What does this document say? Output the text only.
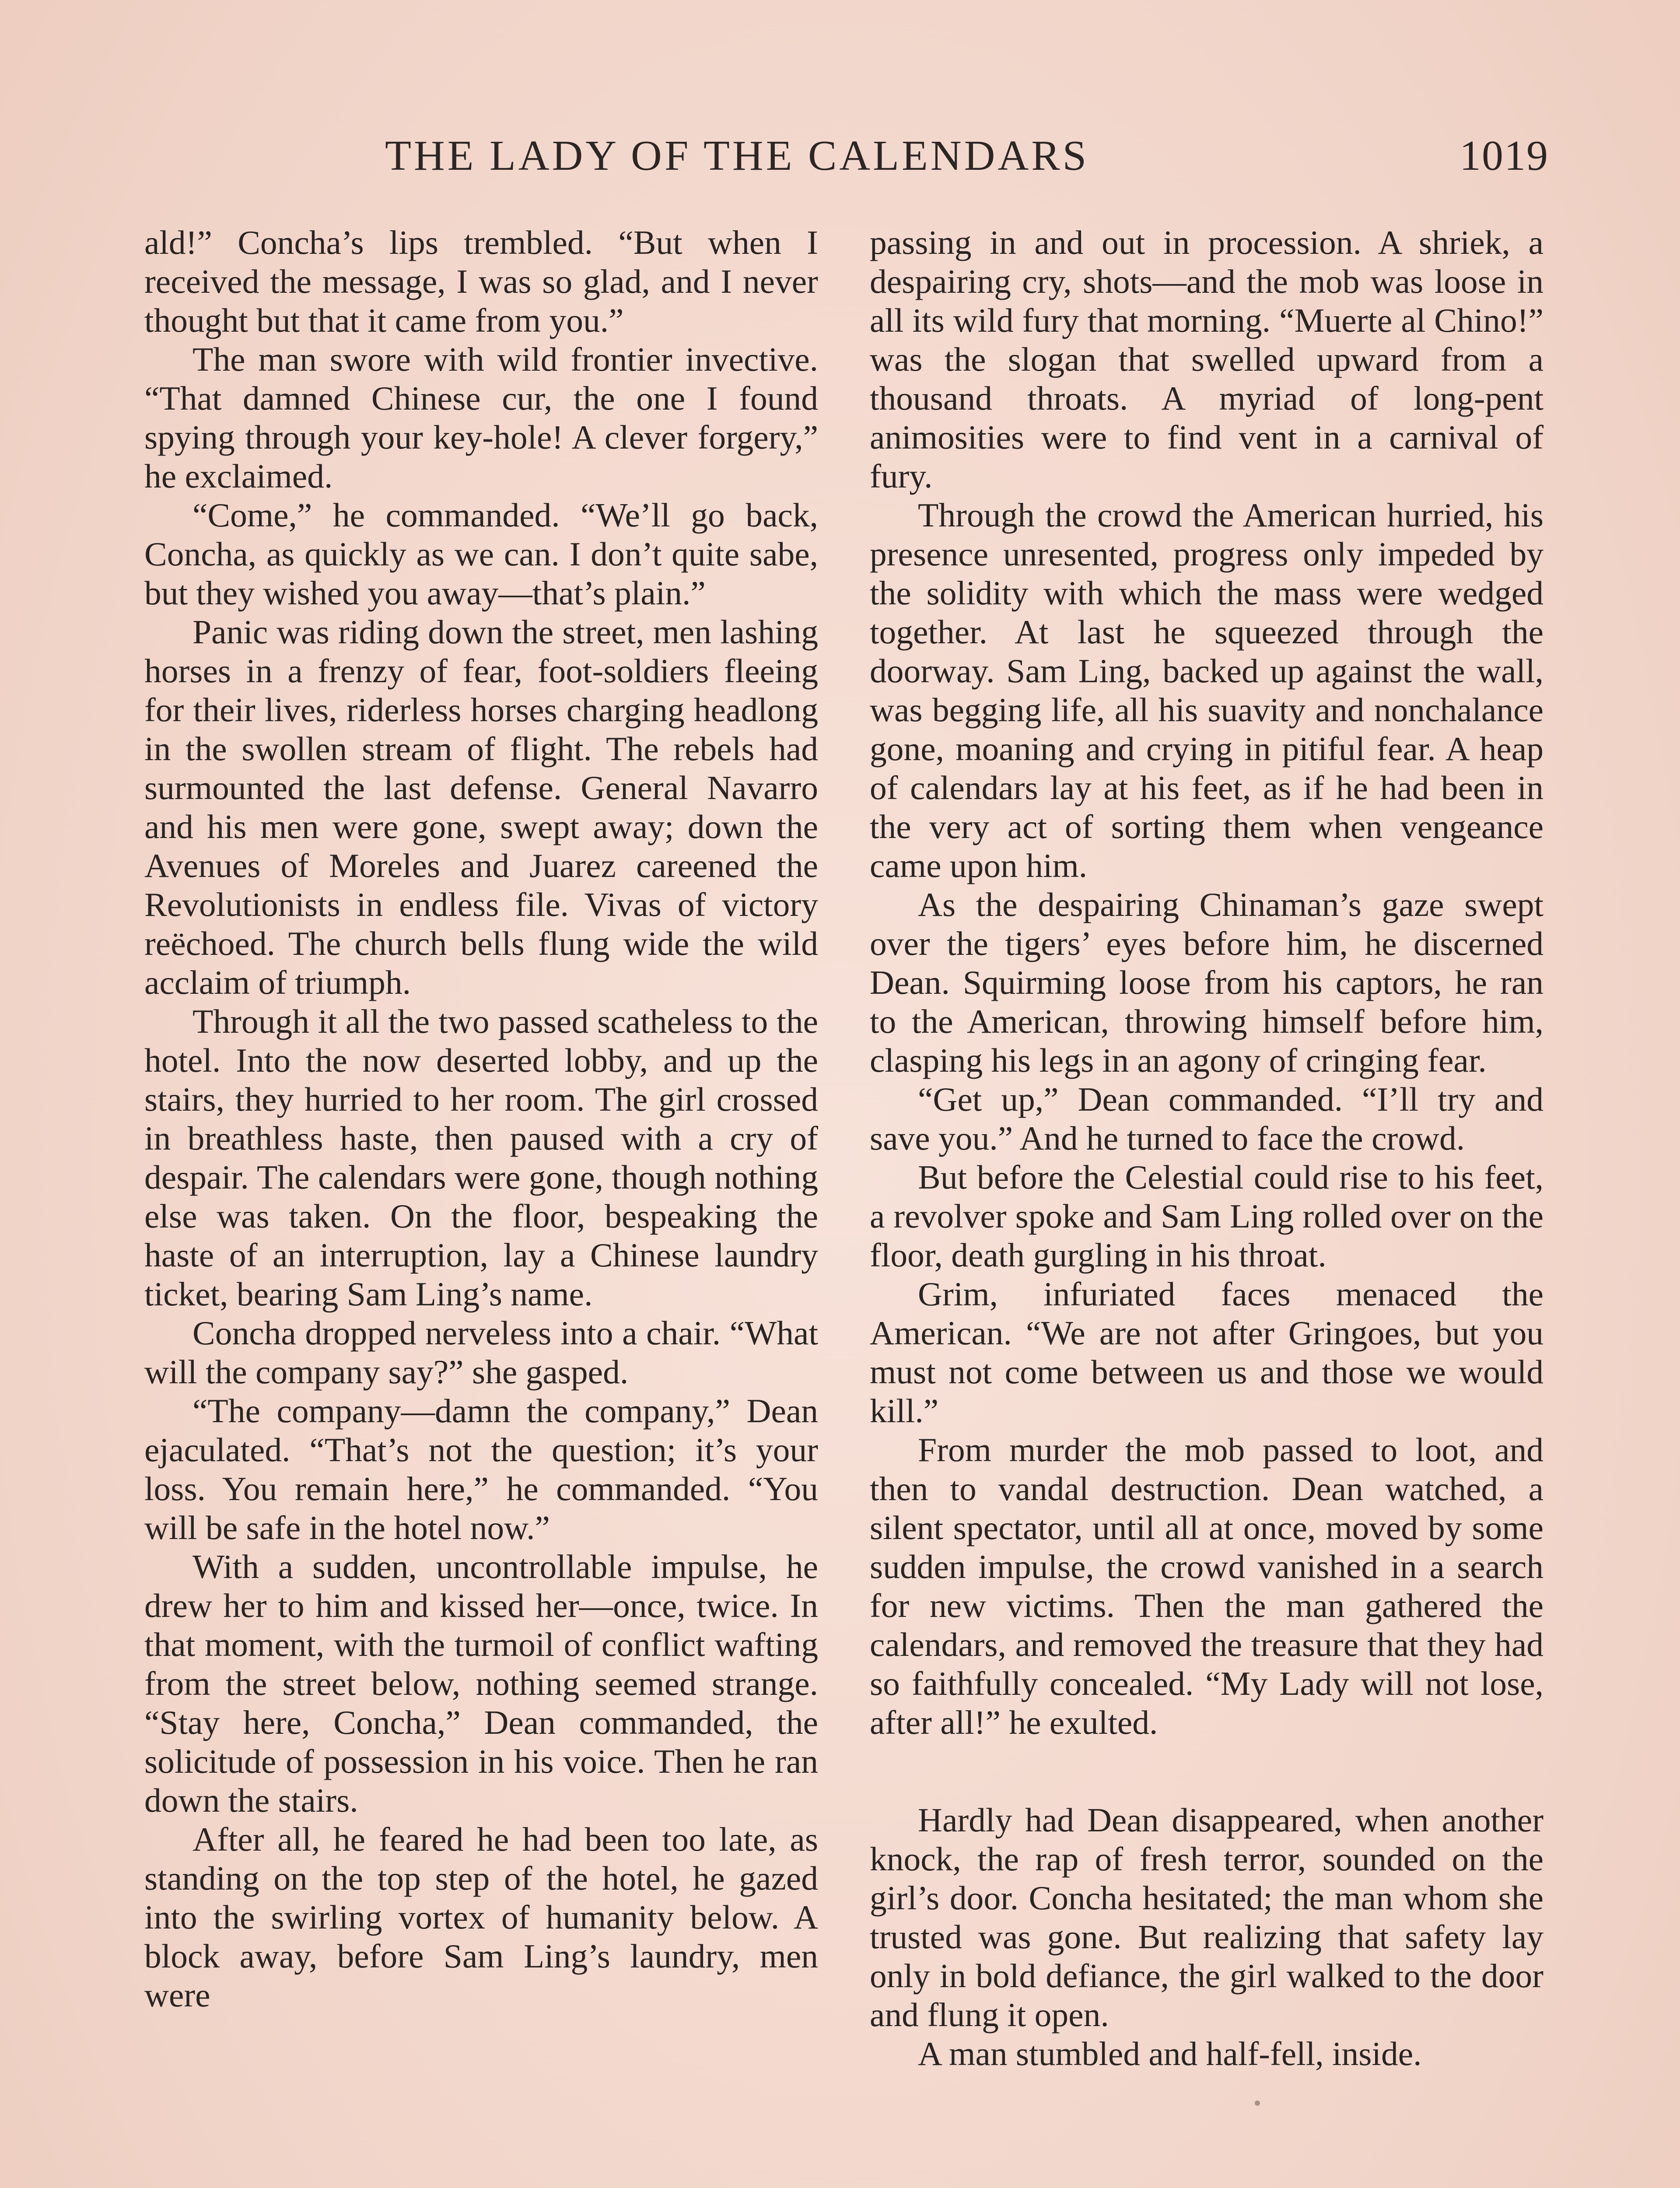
THE LADY OF THE CALENDARS	1019

ald!” Concha’s lips trembled. “But when I received the message, I was so glad, and I never thought but that it came from you.”

The man swore with wild frontier invective. “That damned Chinese cur, the one I found spying through your key-hole! A clever forgery,” he exclaimed.

“Come,” he commanded. “We’ll go back, Concha, as quickly as we can. I don’t quite sabe, but they wished you away—that’s plain.”

Panic was riding down the street, men lashing horses in a frenzy of fear, foot-soldiers fleeing for their lives, riderless horses charging headlong in the swollen stream of flight. The rebels had surmounted the last defense. General Navarro and his men were gone, swept away; down the Avenues of Moreles and Juarez careened the Revolutionists in endless file. Vivas of victory reëchoed. The church bells flung wide the wild acclaim of triumph.

Through it all the two passed scatheless to the hotel. Into the now deserted lobby, and up the stairs, they hurried to her room. The girl crossed in breathless haste, then paused with a cry of despair. The calendars were gone, though nothing else was taken. On the floor, bespeaking the haste of an interruption, lay a Chinese laundry ticket, bearing Sam Ling’s name.

Concha dropped nerveless into a chair. “What will the company say?” she gasped.

“The company—damn the company,” Dean ejaculated. “That’s not the question; it’s your loss. You remain here,” he commanded. “You will be safe in the hotel now.”

With a sudden, uncontrollable impulse, he drew her to him and kissed her—once, twice. In that moment, with the turmoil of conflict wafting from the street below, nothing seemed strange. “Stay here, Concha,” Dean commanded, the solicitude of possession in his voice. Then he ran down the stairs.

After all, he feared he had been too late, as standing on the top step of the hotel, he gazed into the swirling vortex of humanity below. A block away, before Sam Ling’s laundry, men were

passing in and out in procession. A shriek, a despairing cry, shots—and the mob was loose in all its wild fury that morning. “Muerte al Chino!” was the slogan that swelled upward from a thousand throats. A myriad of long-pent animosities were to find vent in a carnival of fury.

Through the crowd the American hurried, his presence unresented, progress only impeded by the solidity with which the mass were wedged together. At last he squeezed through the doorway. Sam Ling, backed up against the wall, was begging life, all his suavity and nonchalance gone, moaning and crying in pitiful fear. A heap of calendars lay at his feet, as if he had been in the very act of sorting them when vengeance came upon him.

As the despairing Chinaman’s gaze swept over the tigers’ eyes before him, he discerned Dean. Squirming loose from his captors, he ran to the American, throwing himself before him, clasping his legs in an agony of cringing fear.

“Get up,” Dean commanded. “I’ll try and save you.” And he turned to face the crowd.

But before the Celestial could rise to his feet, a revolver spoke and Sam Ling rolled over on the floor, death gurgling in his throat.

Grim, infuriated faces menaced the American. “We are not after Gringoes, but you must not come between us and those we would kill.”

From murder the mob passed to loot, and then to vandal destruction. Dean watched, a silent spectator, until all at once, moved by some sudden impulse, the crowd vanished in a search for new victims. Then the man gathered the calendars, and removed the treasure that they had so faithfully concealed. “My Lady will not lose, after all!” he exulted.

Hardly had Dean disappeared, when another knock, the rap of fresh terror, sounded on the girl’s door. Concha hesitated; the man whom she trusted was gone. But realizing that safety lay only in bold defiance, the girl walked to the door and flung it open.

A man stumbled and half-fell, inside.
